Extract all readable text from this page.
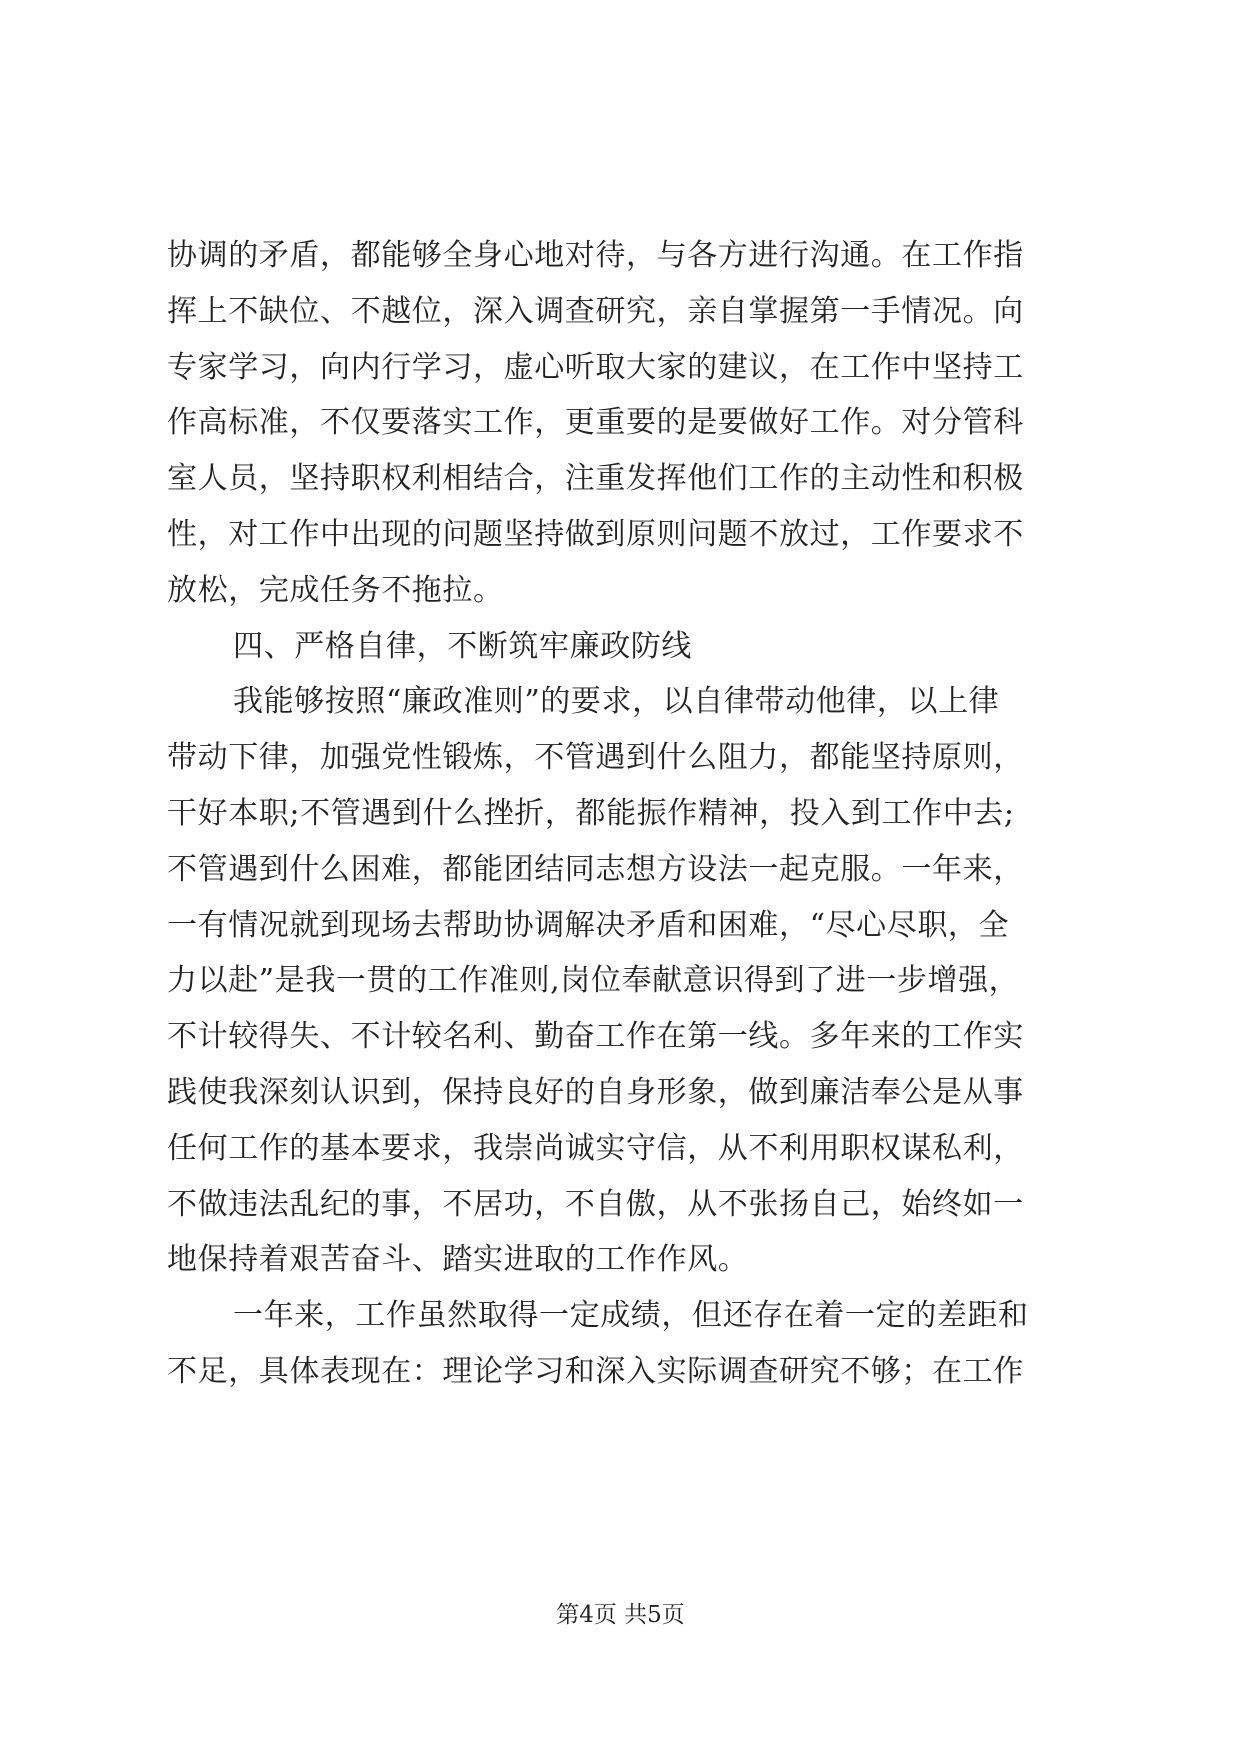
协调的矛盾，都能够全身心地对待，与各方进行沟通。在工作指
挥上不缺位、不越位，深入调查研究，亲自掌握第一手情况。向
专家学习，向内行学习，虚心听取大家的建议，在工作中坚持工
作高标准，不仅要落实工作，更重要的是要做好工作。对分管科
室人员，坚持职权利相结合，注重发挥他们工作的主动性和积极
性，对工作中出现的问题坚持做到原则问题不放过，工作要求不
放松，完成任务不拖拉。
四、严格自律，不断筑牢廉政防线
我能够按照“廉政准则”的要求，以自律带动他律，以上律
带动下律，加强党性锻炼，不管遇到什么阻力，都能坚持原则，
干好本职;不管遇到什么挫折，都能振作精神，投入到工作中去;
不管遇到什么困难，都能团结同志想方设法一起克服。一年来，
一有情况就到现场去帮助协调解决矛盾和困难，“尽心尽职，全
力以赴”是我一贯的工作准则,岗位奉献意识得到了进一步增强，
不计较得失、不计较名利、勤奋工作在第一线。多年来的工作实
践使我深刻认识到，保持良好的自身形象，做到廉洁奉公是从事
任何工作的基本要求，我崇尚诚实守信，从不利用职权谋私利，
不做违法乱纪的事，不居功，不自傲，从不张扬自己，始终如一
地保持着艰苦奋斗、踏实进取的工作作风。
一年来，工作虽然取得一定成绩，但还存在着一定的差距和
不足，具体表现在：理论学习和深入实际调查研究不够；在工作
第4页 共5页
